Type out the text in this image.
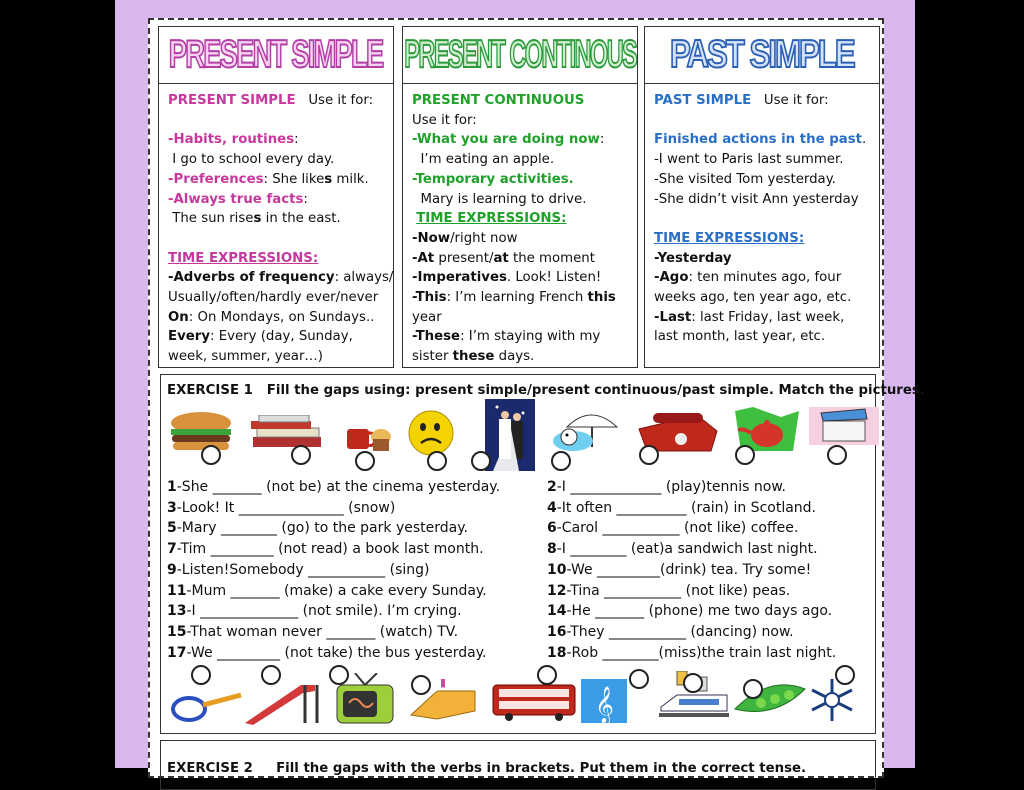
PRESENT SIMPLE
PRESENT SIMPLE Use it for:

-Habits, routines:
I go to school every day.
-Preferences: She likes milk.
-Always true facts:
The sun rises in the east.

TIME EXPRESSIONS:
-Adverbs of frequency: always/
Usually/often/hardly ever/never
On: On Mondays, on Sundays..
Every: Every (day, Sunday,
week, summer, year…)
PRESENT CONTINOUS
PRESENT CONTINUOUS
Use it for:
-What you are doing now:
I’m eating an apple.
-Temporary activities.
Mary is learning to drive.
TIME EXPRESSIONS:
-Now/right now
-At present/at the moment
-Imperatives. Look! Listen!
-This: I’m learning French this
year
-These: I’m staying with my
sister these days.
PAST SIMPLE
PAST SIMPLE Use it for:

Finished actions in the past.
-I went to Paris last summer.
-She visited Tom yesterday.
-She didn’t visit Ann yesterday

TIME EXPRESSIONS:
-Yesterday
-Ago: ten minutes ago, four
weeks ago, ten year ago, etc.
-Last: last Friday, last week,
last month, last year, etc.
EXERCISE 1 Fill the gaps using: present simple/present continuous/past simple. Match the pictures.
1-She _______ (not be) at the cinema yesterday.	2-I _____________ (play)tennis now.
3-Look! It _______________ (snow)	4-It often __________ (rain) in Scotland.
5-Mary ________ (go) to the park yesterday.	6-Carol ___________ (not like) coffee.
7-Tim _________ (not read) a book last month.	8-I ________ (eat)a sandwich last night.
9-Listen!Somebody ___________ (sing)	10-We _________(drink) tea. Try some!
11-Mum _______ (make) a cake every Sunday.	12-Tina ___________ (not like) peas.
13-I ______________ (not smile). I’m crying.	14-He _______ (phone) me two days ago.
15-That woman never _______ (watch) TV.	16-They ___________ (dancing) now.
17-We _________ (not take) the bus yesterday.	18-Rob ________(miss)the train last night.
𝄞
EXERCISE 2 Fill the gaps with the verbs in brackets. Put them in the correct tense.
